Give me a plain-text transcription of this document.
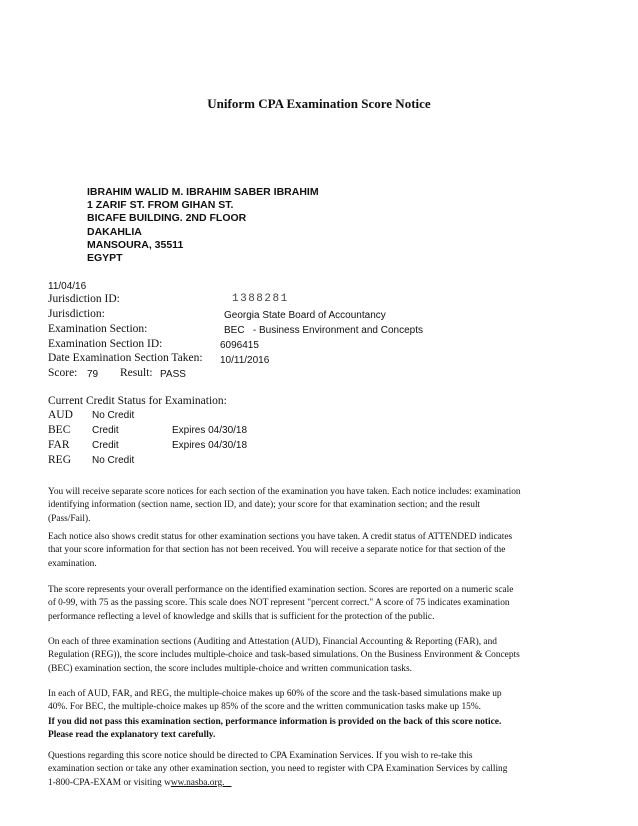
Uniform CPA Examination Score Notice
IBRAHIM WALID M. IBRAHIM SABER IBRAHIM
1 ZARIF ST. FROM GIHAN ST.
BICAFE BUILDING. 2ND FLOOR
DAKAHLIA
MANSOURA, 35511
EGYPT
11/04/16
Jurisdiction ID:	1388281
Jurisdiction:	Georgia State Board of Accountancy
Examination Section:	BEC   - Business Environment and Concepts
Examination Section ID:	6096415
Date Examination Section Taken: 10/11/2016
Score: 79 Result: PASS
Current Credit Status for Examination:
AUD No Credit
BEC Credit	Expires 04/30/18
FAR Credit	Expires 04/30/18
REG No Credit
You will receive separate score notices for each section of the examination you have taken. Each notice includes: examination
identifying information (section name, section ID, and date); your score for that examination section; and the result
(Pass/Fail).
Each notice also shows credit status for other examination sections you have taken. A credit status of ATTENDED indicates
that your score information for that section has not been received. You will receive a separate notice for that section of the
examination.
The score represents your overall performance on the identified examination section. Scores are reported on a numeric scale
of 0-99, with 75 as the passing score. This scale does NOT represent "percent correct." A score of 75 indicates examination
performance reflecting a level of knowledge and skills that is sufficient for the protection of the public.
On each of three examination sections (Auditing and Attestation (AUD), Financial Accounting & Reporting (FAR), and
Regulation (REG)), the score includes multiple-choice and task-based simulations. On the Business Environment & Concepts
(BEC) examination section, the score includes multiple-choice and written communication tasks.
In each of AUD, FAR, and REG, the multiple-choice makes up 60% of the score and the task-based simulations make up
40%. For BEC, the multiple-choice makes up 85% of the score and the written communication tasks make up 15%.
If you did not pass this examination section, performance information is provided on the back of this score notice.
Please read the explanatory text carefully.
Questions regarding this score notice should be directed to CPA Examination Services. If you wish to re-take this
examination section or take any other examination section, you need to register with CPA Examination Services by calling
1-800-CPA-EXAM or visiting www.nasba.org.
